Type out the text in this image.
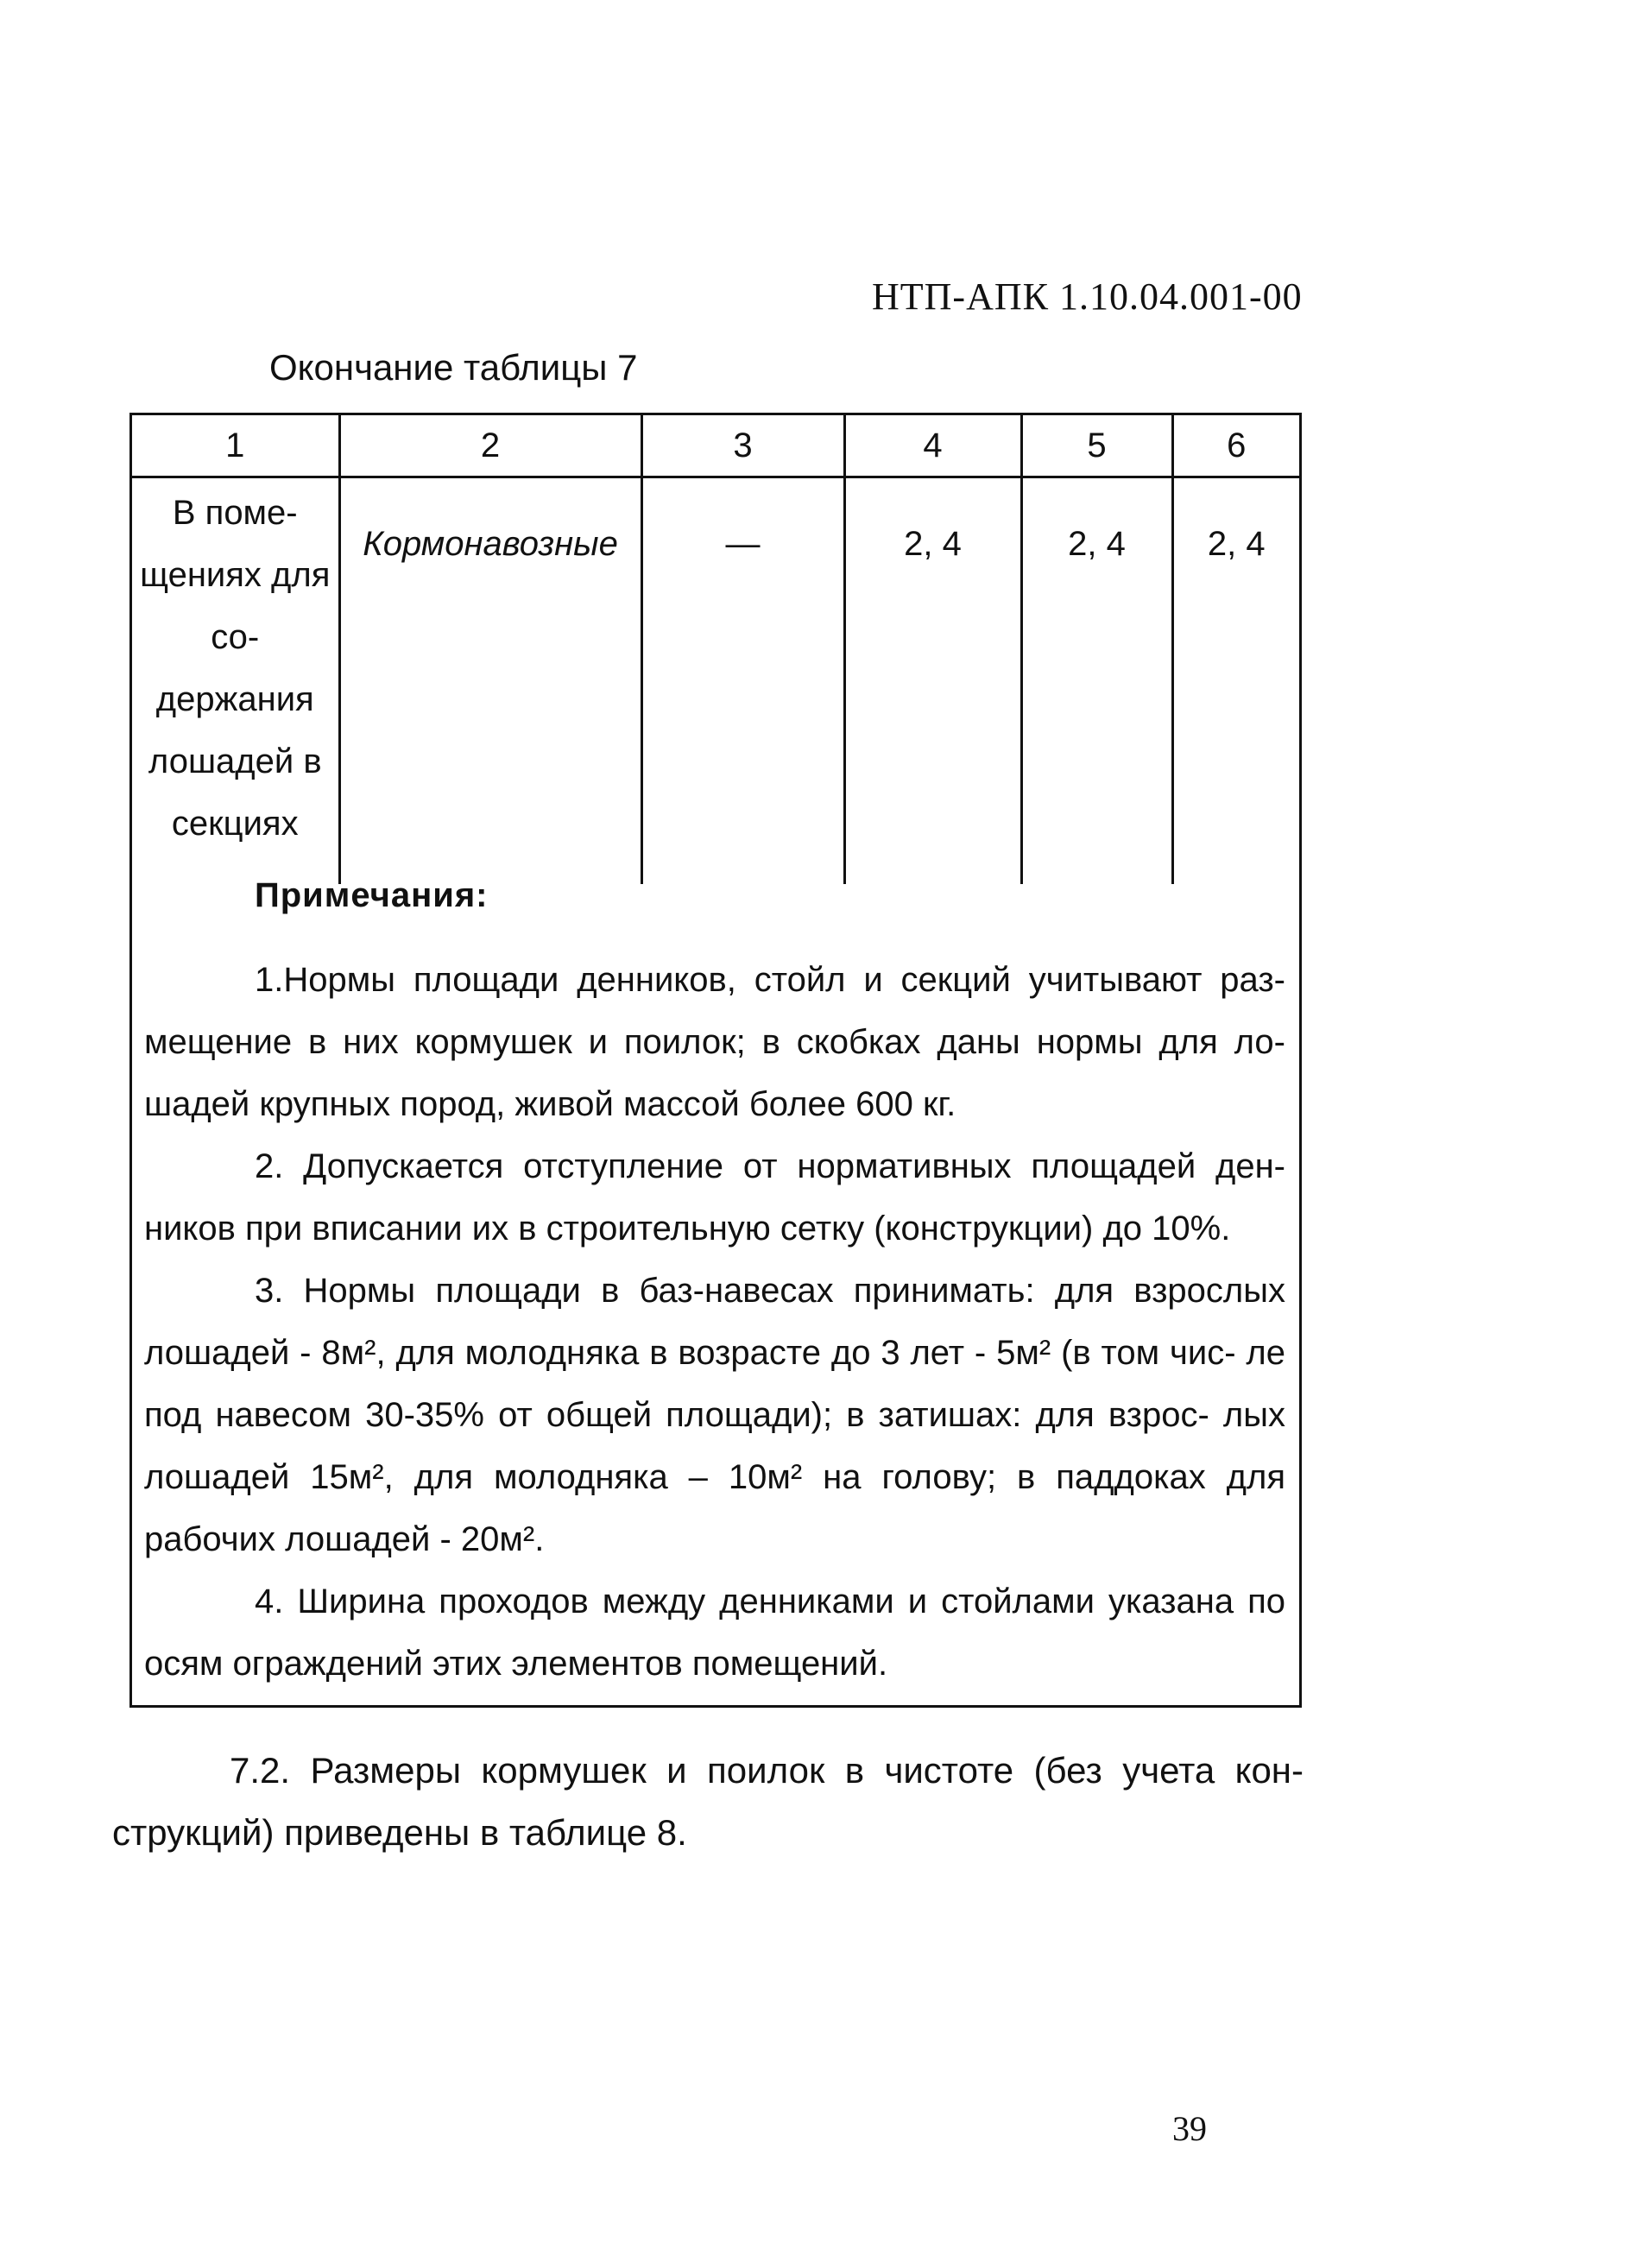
НТП-АПК 1.10.04.001-00
Окончание таблицы 7
1	2	3	4	5	6
В поме- щениях для со- держания лошадей в секциях	Кормонавозные	—	2, 4	2, 4	2, 4
Примечания:

1.Нормы площади денников, стойл и секций учитывают раз- мещение в них кормушек и поилок; в скобках даны нормы для ло- шадей крупных пород, живой массой более 600 кг.

2. Допускается отступление от нормативных площадей ден- ников при вписании их в строительную сетку (конструкции) до 10%.

3. Нормы площади в баз-навесах принимать: для взрослых лошадей - 8м², для молодняка в возрасте до 3 лет - 5м² (в том чис- ле под навесом 30-35% от общей площади); в затишах: для взрос- лых лошадей 15м², для молодняка – 10м² на голову; в паддоках для рабочих лошадей - 20м².

4. Ширина проходов между денниками и стойлами указана по осям ограждений этих элементов помещений.

7.2. Размеры кормушек и поилок в чистоте (без учета кон- струкций) приведены в таблице 8.
39
